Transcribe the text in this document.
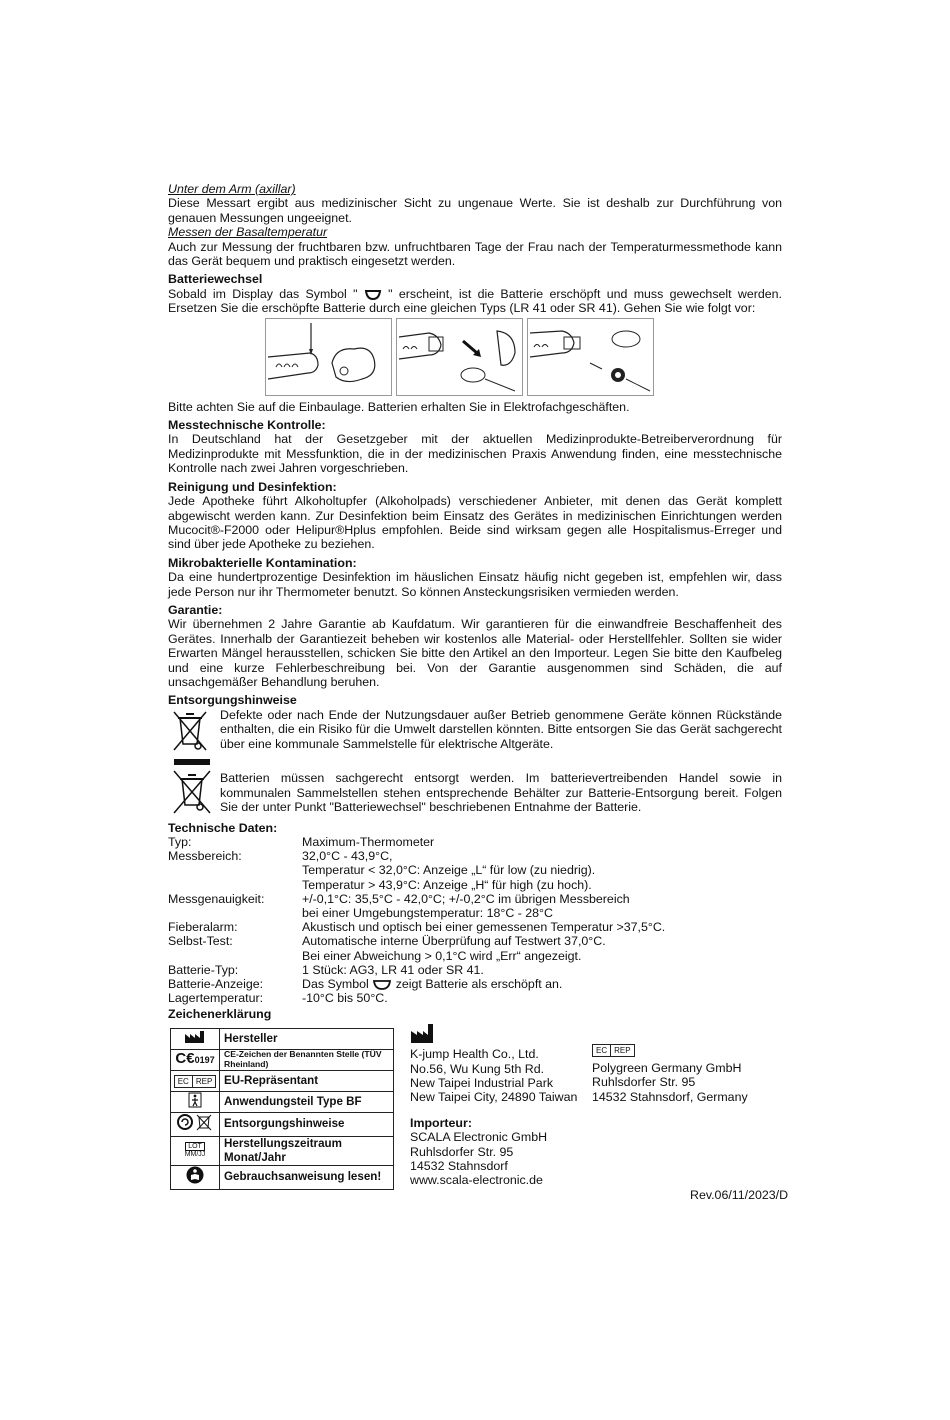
Unter dem Arm (axillar)

Diese Messart ergibt aus medizinischer Sicht zu ungenaue Werte. Sie ist deshalb zur Durchführung von genauen Messungen ungeeignet.

Messen der Basaltemperatur

Auch zur Messung der fruchtbaren bzw. unfruchtbaren Tage der Frau nach der Temperaturmessmethode kann das Gerät bequem und praktisch eingesetzt werden.

Batteriewechsel

Sobald im Display das Symbol " " erscheint, ist die Batterie erschöpft und muss gewechselt werden. Ersetzen Sie die erschöpfte Batterie durch eine gleichen Typs (LR 41 oder SR 41). Gehen Sie wie folgt vor:

Bitte achten Sie auf die Einbaulage. Batterien erhalten Sie in Elektrofachgeschäften.

Messtechnische Kontrolle:

In Deutschland hat der Gesetzgeber mit der aktuellen Medizinprodukte-Betreiberverordnung für Medizinprodukte mit Messfunktion, die in der medizinischen Praxis Anwendung finden, eine messtechnische Kontrolle nach zwei Jahren vorgeschrieben.

Reinigung und Desinfektion:

Jede Apotheke führt Alkoholtupfer (Alkoholpads) verschiedener Anbieter, mit denen das Gerät komplett abgewischt werden kann. Zur Desinfektion beim Einsatz des Gerätes in medizinischen Einrichtungen werden Mucocit®-F2000 oder Helipur®Hplus empfohlen. Beide sind wirksam gegen alle Hospitalismus-Erreger und sind über jede Apotheke zu beziehen.

Mikrobakterielle Kontamination:

Da eine hundertprozentige Desinfektion im häuslichen Einsatz häufig nicht gegeben ist, empfehlen wir, dass jede Person nur ihr Thermometer benutzt. So können Ansteckungsrisiken vermieden werden.

Garantie:

Wir übernehmen 2 Jahre Garantie ab Kaufdatum. Wir garantieren für die einwandfreie Beschaffenheit des Gerätes. Innerhalb der Garantiezeit beheben wir kostenlos alle Material- oder Herstellfehler. Sollten sie wider Erwarten Mängel herausstellen, schicken Sie bitte den Artikel an den Importeur. Legen Sie bitte den Kaufbeleg und eine kurze Fehlerbeschreibung bei. Von der Garantie ausgenommen sind Schäden, die auf unsachgemäßer Behandlung beruhen.

Entsorgungshinweise

Defekte oder nach Ende der Nutzungsdauer außer Betrieb genommene Geräte können Rückstände enthalten, die ein Risiko für die Umwelt darstellen könnten. Bitte entsorgen Sie das Gerät sachgerecht über eine kommunale Sammelstelle für elektrische Altgeräte.

Batterien müssen sachgerecht entsorgt werden. Im batterievertreibenden Handel sowie in kommunalen Sammelstellen stehen entsprechende Behälter zur Batterie-Entsorgung bereit. Folgen Sie der unter Punkt "Batteriewechsel" beschriebenen Entnahme der Batterie.

Technische Daten:
Typ:	Maximum-Thermometer
Messbereich:	32,0°C - 43,9°C,
Temperatur < 32,0°C: Anzeige „L“ für low (zu niedrig).
Temperatur > 43,9°C: Anzeige „H“ für high (zu hoch).
Messgenauigkeit:	+/-0,1°C: 35,5°C - 42,0°C; +/-0,2°C im übrigen Messbereich
bei einer Umgebungstemperatur: 18°C - 28°C
Fieberalarm:	Akustisch und optisch bei einer gemessenen Temperatur >37,5°C.
Selbst-Test:	Automatische interne Überprüfung auf Testwert 37,0°C.
Bei einer Abweichung > 0,1°C wird „Err“ angezeigt.
Batterie-Typ:	1 Stück: AG3, LR 41 oder SR 41.
Batterie-Anzeige:	Das Symbol zeigt Batterie als erschöpft an.
Lagertemperatur:	-10°C bis 50°C.
Zeichenerklärung
	Hersteller
C€0197	CE-Zeichen der Benannten Stelle (TÜV Rheinland)

EC REP	EU-Repräsentant
	Anwendungsteil Type BF
	Entsorgungshinweise

LOT
MM/JJ	Herstellungszeitraum Monat/Jahr
	Gebrauchsanweisung lesen!
K-jump Health Co., Ltd.
No.56, Wu Kung 5th Rd.
New Taipei Industrial Park
New Taipei City, 24890 Taiwan
EC REP
Polygreen Germany GmbH
Ruhlsdorfer Str. 95
14532 Stahnsdorf, Germany
Importeur:
SCALA Electronic GmbH
Ruhlsdorfer Str. 95
14532 Stahnsdorf
www.scala-electronic.de
Rev.06/11/2023/D
